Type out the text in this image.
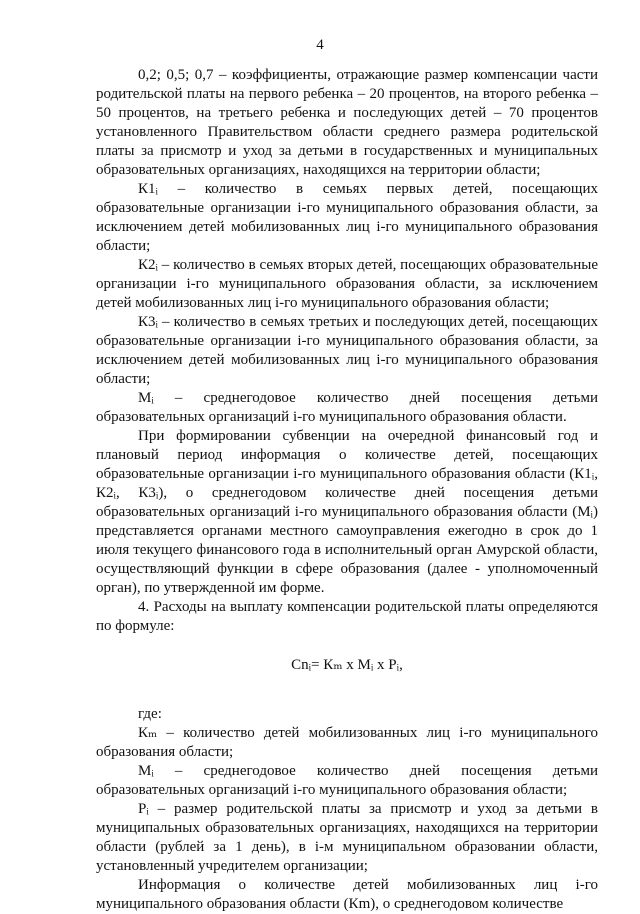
4

0,2; 0,5; 0,7 – коэффициенты, отражающие размер компенсации части родительской платы на первого ребенка – 20 процентов, на второго ребенка – 50 процентов, на третьего ребенка и последующих детей – 70 процентов установленного Правительством области среднего размера родительской платы за присмотр и уход за детьми в государственных и муниципальных образовательных организациях, находящихся на территории области;

К1ᵢ – количество в семьях первых детей, посещающих образовательные организации i-го муниципального образования области, за исключением детей мобилизованных лиц i-го муниципального образования области;

К2ᵢ – количество в семьях вторых детей, посещающих образовательные организации i-го муниципального образования области, за исключением детей мобилизованных лиц i-го муниципального образования области;

К3ᵢ – количество в семьях третьих и последующих детей, посещающих образовательные организации i-го муниципального образования области, за исключением детей мобилизованных лиц i-го муниципального образования области;

Мᵢ – среднегодовое количество дней посещения детьми образовательных организаций i-го муниципального образования области.

При формировании субвенции на очередной финансовый год и плановый период информация о количестве детей, посещающих образовательные организации i-го муниципального образования области (К1ᵢ, К2ᵢ, К3ᵢ), о среднегодовом количестве дней посещения детьми образовательных организаций i-го муниципального образования области (Мᵢ) представляется органами местного самоуправления ежегодно в срок до 1 июля текущего финансового года в исполнительный орган Амурской области, осуществляющий функции в сфере образования (далее - уполномоченный орган), по утвержденной им форме.

4. Расходы на выплату компенсации родительской платы определяются по формуле:

Сnᵢ= Кₘ x Мᵢ x Рᵢ,

где:

Кₘ – количество детей мобилизованных лиц i-го муниципального образования области;

Мᵢ – среднегодовое количество дней посещения детьми образовательных организаций i-го муниципального образования области;

Рᵢ – размер родительской платы за присмотр и уход за детьми в муниципальных образовательных организациях, находящихся на территории области (рублей за 1 день), в i-м муниципальном образовании области, установленный учредителем организации;

Информация о количестве детей мобилизованных лиц i-го муниципального образования области (Кm), о среднегодовом количестве
